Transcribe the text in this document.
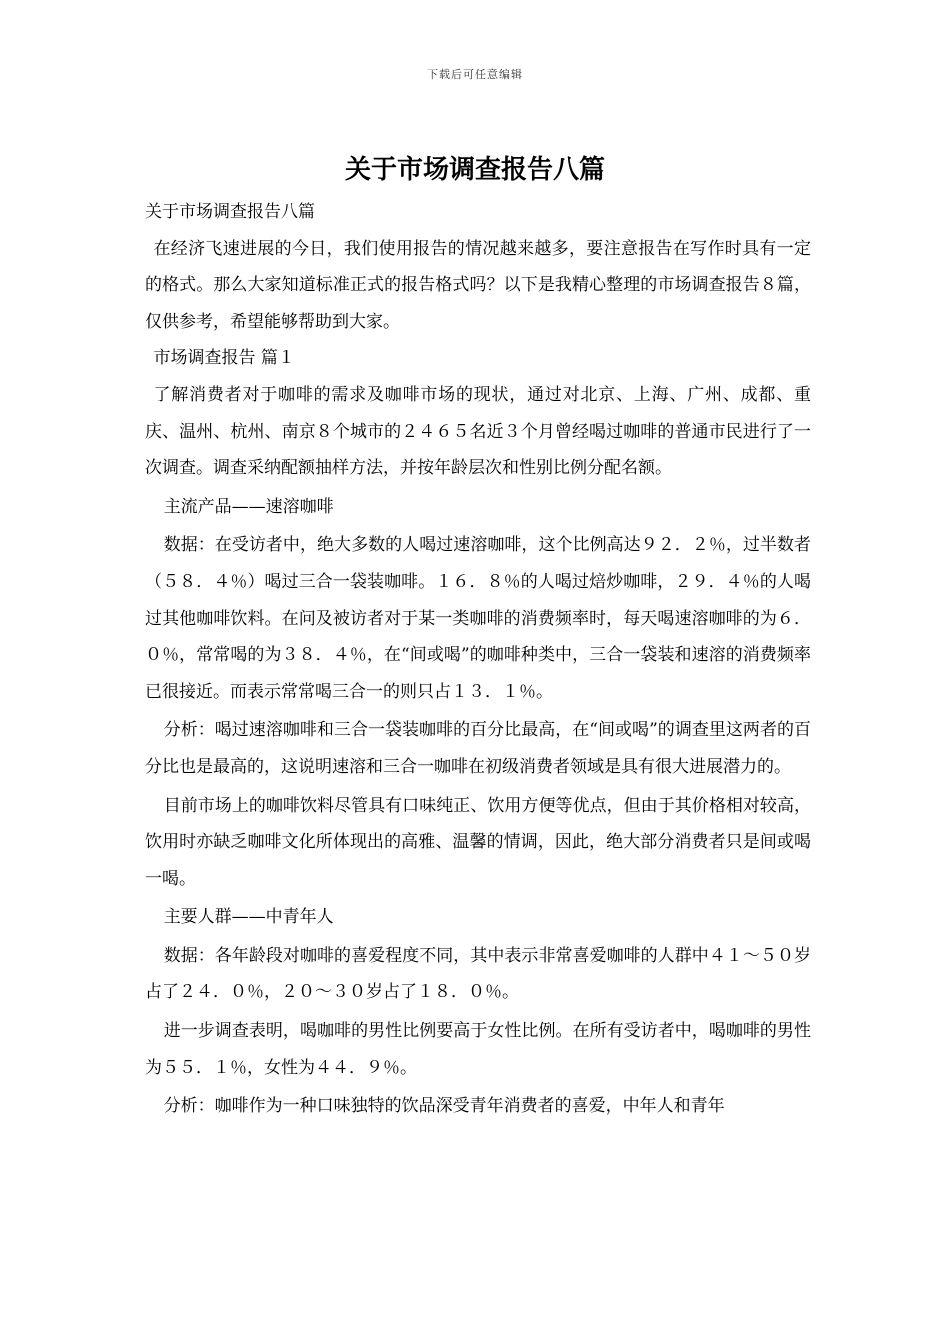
下载后可任意编辑
关于市场调查报告八篇

关于市场调查报告八篇

在经济飞速进展的今日，我们使用报告的情况越来越多，要注意报告在写作时具有一定的格式。那么大家知道标准正式的报告格式吗？以下是我精心整理的市场调查报告８篇，仅供参考，希望能够帮助到大家。

市场调查报告 篇１

了解消费者对于咖啡的需求及咖啡市场的现状，通过对北京、上海、广州、成都、重庆、温州、杭州、南京８个城市的２４６５名近３个月曾经喝过咖啡的普通市民进行了一次调查。调查采纳配额抽样方法，并按年龄层次和性别比例分配名额。

主流产品——速溶咖啡

数据：在受访者中，绝大多数的人喝过速溶咖啡，这个比例高达９２．２％，过半数者（５８．４％）喝过三合一袋装咖啡。１６．８％的人喝过焙炒咖啡，２９．４％的人喝过其他咖啡饮料。在问及被访者对于某一类咖啡的消费频率时，每天喝速溶咖啡的为６．０％，常常喝的为３８．４％，在“间或喝”的咖啡种类中，三合一袋装和速溶的消费频率已很接近。而表示常常喝三合一的则只占１３．１％。

分析：喝过速溶咖啡和三合一袋装咖啡的百分比最高，在“间或喝”的调查里这两者的百分比也是最高的，这说明速溶和三合一咖啡在初级消费者领域是具有很大进展潜力的。

目前市场上的咖啡饮料尽管具有口味纯正、饮用方便等优点，但由于其价格相对较高，饮用时亦缺乏咖啡文化所体现出的高雅、温馨的情调，因此，绝大部分消费者只是间或喝一喝。

主要人群——中青年人

数据：各年龄段对咖啡的喜爱程度不同，其中表示非常喜爱咖啡的人群中４１～５０岁占了２４．０％，２０～３０岁占了１８．０％。

进一步调查表明，喝咖啡的男性比例要高于女性比例。在所有受访者中，喝咖啡的男性为５５．１％，女性为４４．９％。

分析：咖啡作为一种口味独特的饮品深受青年消费者的喜爱，中年人和青年
